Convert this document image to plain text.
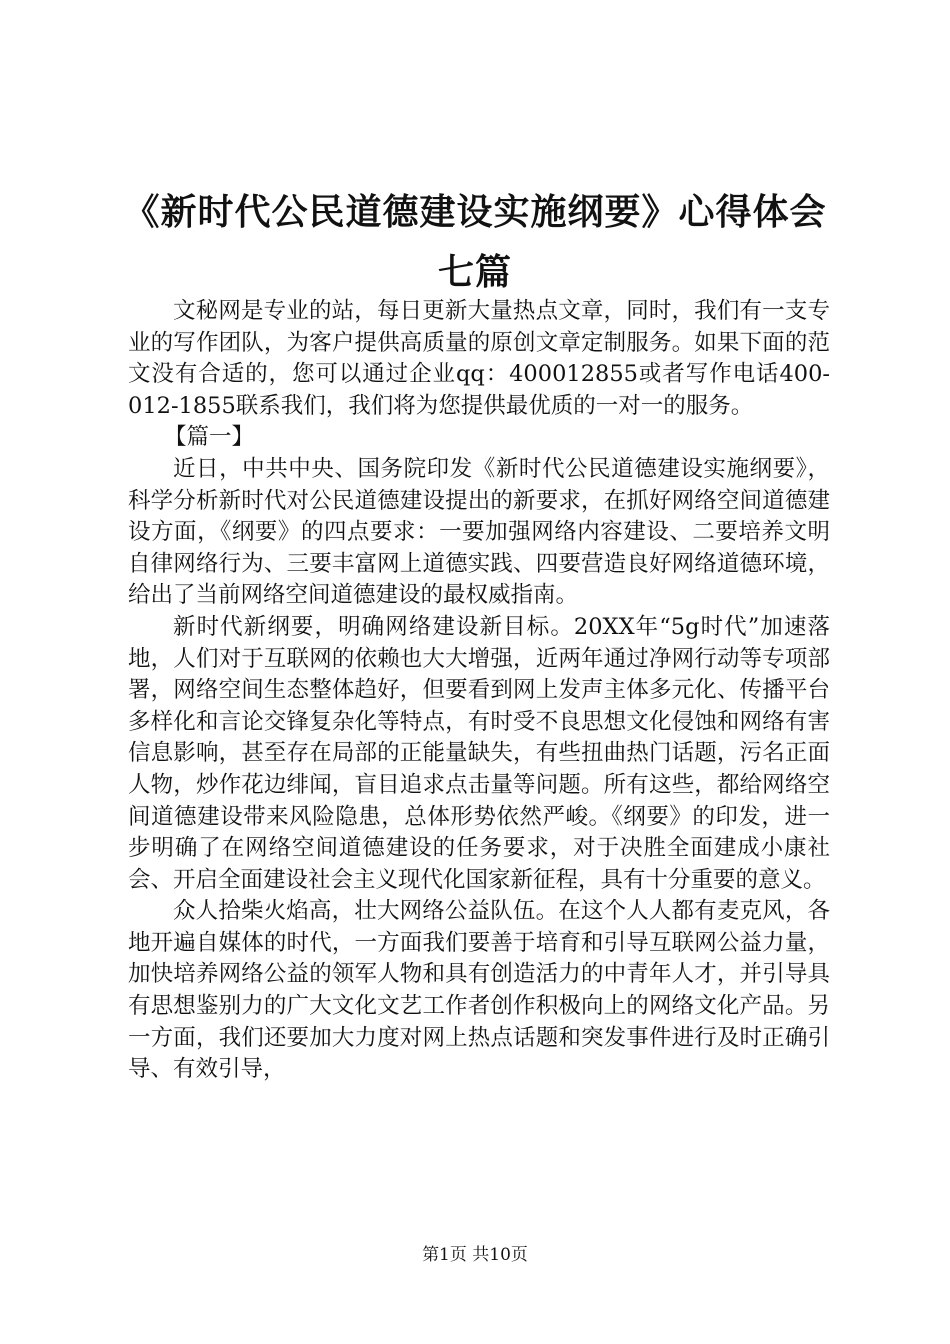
《新时代公民道德建设实施纲要》心得体会七篇

文秘网是专业的站，每日更新大量热点文章，同时，我们有一支专业的写作团队，为客户提供高质量的原创文章定制服务。如果下面的范文没有合适的，您可以通过企业qq：400012855或者写作电话400-012-1855联系我们，我们将为您提供最优质的一对一的服务。

【篇一】

近日，中共中央、国务院印发《新时代公民道德建设实施纲要》，科学分析新时代对公民道德建设提出的新要求，在抓好网络空间道德建设方面，《纲要》的四点要求：一要加强网络内容建设、二要培养文明自律网络行为、三要丰富网上道德实践、四要营造良好网络道德环境，给出了当前网络空间道德建设的最权威指南。

新时代新纲要，明确网络建设新目标。20XX年“5g时代”加速落地，人们对于互联网的依赖也大大增强，近两年通过净网行动等专项部署，网络空间生态整体趋好，但要看到网上发声主体多元化、传播平台多样化和言论交锋复杂化等特点，有时受不良思想文化侵蚀和网络有害信息影响，甚至存在局部的正能量缺失，有些扭曲热门话题，污名正面人物，炒作花边绯闻，盲目追求点击量等问题。所有这些，都给网络空间道德建设带来风险隐患，总体形势依然严峻。《纲要》的印发，进一步明确了在网络空间道德建设的任务要求，对于决胜全面建成小康社会、开启全面建设社会主义现代化国家新征程，具有十分重要的意义。

众人拾柴火焰高，壮大网络公益队伍。在这个人人都有麦克风，各地开遍自媒体的时代，一方面我们要善于培育和引导互联网公益力量，加快培养网络公益的领军人物和具有创造活力的中青年人才，并引导具有思想鉴别力的广大文化文艺工作者创作积极向上的网络文化产品。另一方面，我们还要加大力度对网上热点话题和突发事件进行及时正确引导、有效引导，

第1页 共10页
